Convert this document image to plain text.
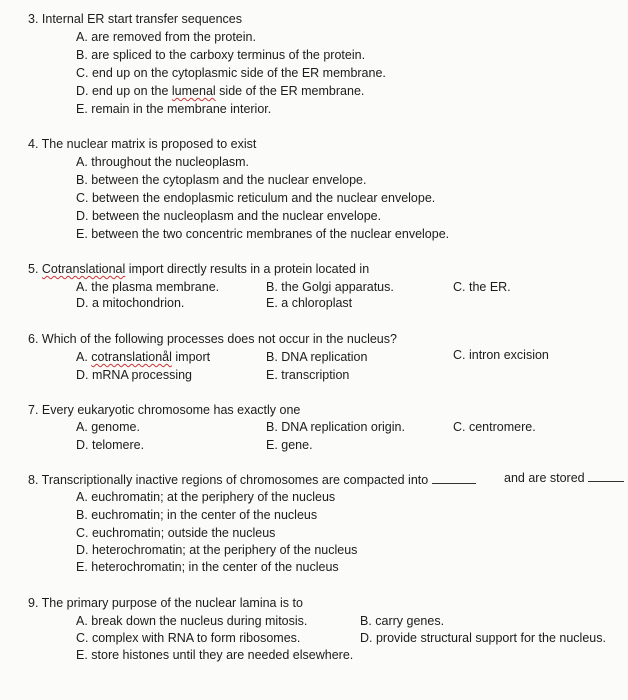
3. Internal ER start transfer sequences
A. are removed from the protein.
B. are spliced to the carboxy terminus of the protein.
C. end up on the cytoplasmic side of the ER membrane.
D. end up on the lumenal side of the ER membrane.
E. remain in the membrane interior.
4. The nuclear matrix is proposed to exist
A. throughout the nucleoplasm.
B. between the cytoplasm and the nuclear envelope.
C. between the endoplasmic reticulum and the nuclear envelope.
D. between the nucleoplasm and the nuclear envelope.
E. between the two concentric membranes of the nuclear envelope.
5. Cotranslational import directly results in a protein located in
A. the plasma membrane.	B. the Golgi apparatus.	C. the ER.
D. a mitochondrion.	E. a chloroplast
6. Which of the following processes does not occur in the nucleus?
A. cotranslationål import	B. DNA replication	C. intron excision
D. mRNA processing	E. transcription
7. Every eukaryotic chromosome has exactly one
A. genome.	B. DNA replication origin.	C. centromere.
D. telomere.	E. gene.
8. Transcriptionally inactive regions of chromosomes are compacted into	and are stored
A. euchromatin; at the periphery of the nucleus
B. euchromatin; in the center of the nucleus
C. euchromatin; outside the nucleus
D. heterochromatin; at the periphery of the nucleus
E. heterochromatin; in the center of the nucleus
9. The primary purpose of the nuclear lamina is to
A. break down the nucleus during mitosis.	B. carry genes.
C. complex with RNA to form ribosomes.	D. provide structural support for the nucleus.
E. store histones until they are needed elsewhere.
